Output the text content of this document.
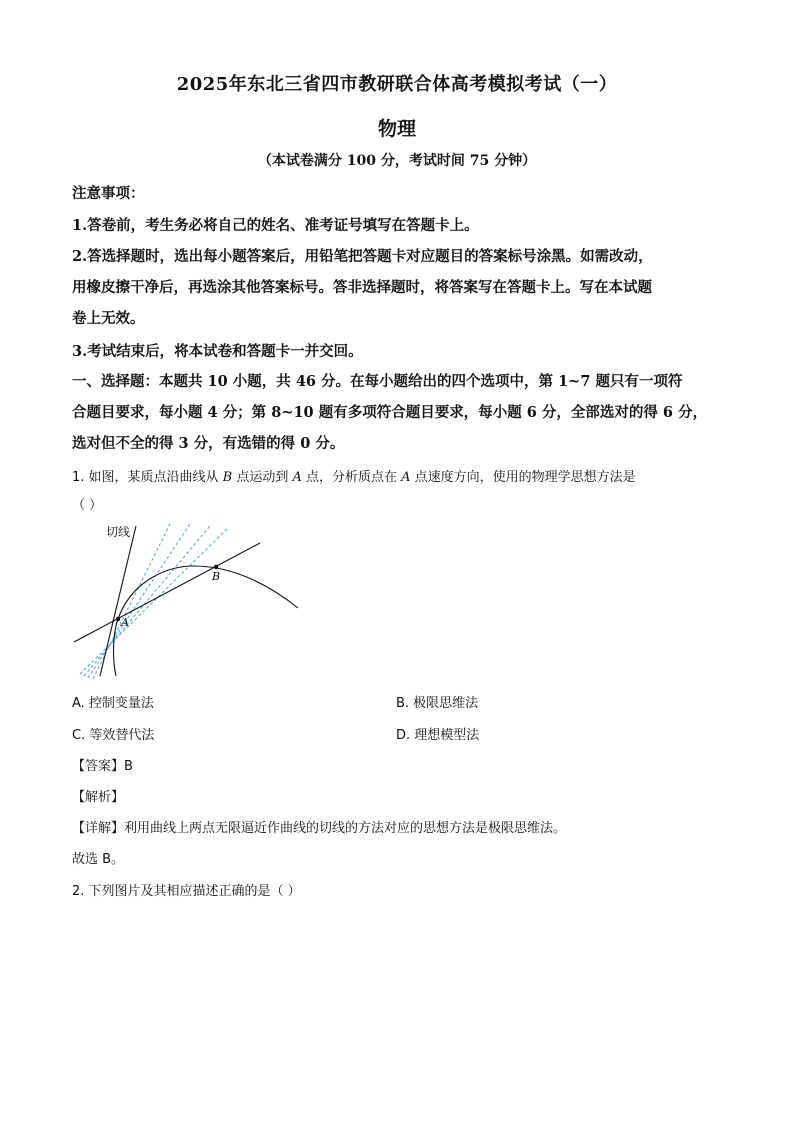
2025年东北三省四市教研联合体高考模拟考试（一）
物理
（本试卷满分 100 分，考试时间 75 分钟）
注意事项：
1.答卷前，考生务必将自己的姓名、准考证号填写在答题卡上。
2.答选择题时，选出每小题答案后，用铅笔把答题卡对应题目的答案标号涂黑。如需改动，
用橡皮擦干净后，再选涂其他答案标号。答非选择题时，将答案写在答题卡上。写在本试题
卷上无效。
3.考试结束后，将本试卷和答题卡一并交回。
一、选择题：本题共 10 小题，共 46 分。在每小题给出的四个选项中，第 1~7 题只有一项符
合题目要求，每小题 4 分；第 8~10 题有多项符合题目要求，每小题 6 分，全部选对的得 6 分，
选对但不全的得 3 分，有选错的得 0 分。
1. 如图，某质点沿曲线从 B 点运动到 A 点，分析质点在 A 点速度方向，使用的物理学思想方法是
（ ）
切线
A
B
A. 控制变量法	B. 极限思维法
C. 等效替代法	D. 理想模型法
【答案】B
【解析】
【详解】利用曲线上两点无限逼近作曲线的切线的方法对应的思想方法是极限思维法。
故选 B。
2. 下列图片及其相应描述正确的是（ ）
